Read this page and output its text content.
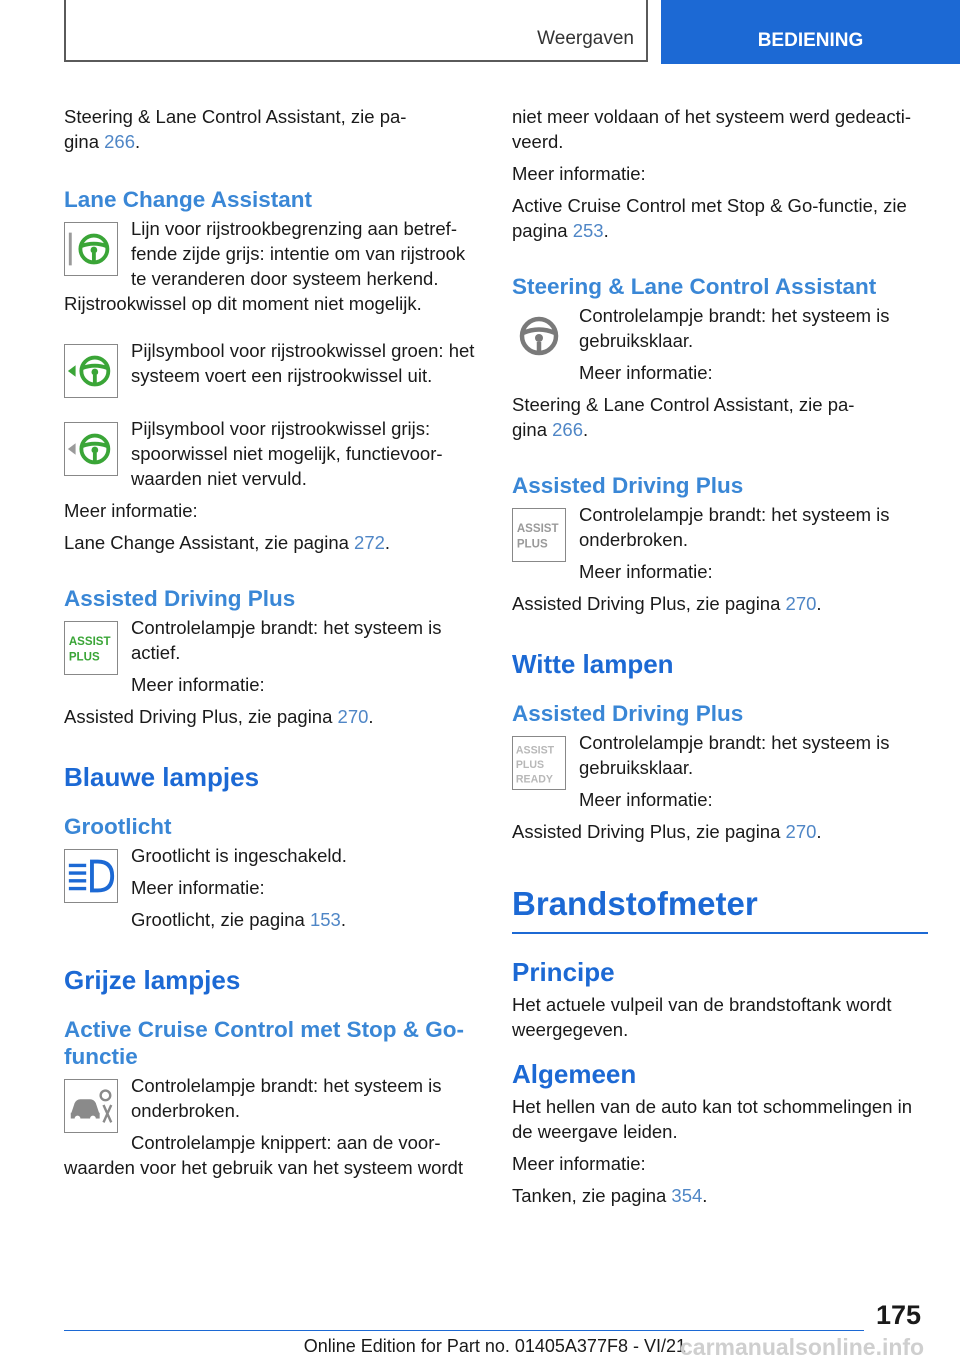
Weergaven	BEDIENING

Steering & Lane Control Assistant, zie pa-gina 266.

Lane Change Assistant

Lijn voor rijstrookbegrenzing aan betref-fende zijde grijs: intentie om van rijstrook te veranderen door systeem herkend. Rijstrookwissel op dit moment niet mogelijk.

Pijlsymbool voor rijstrookwissel groen: het systeem voert een rijstrookwissel uit.

Pijlsymbool voor rijstrookwissel grijs: spoorwissel niet mogelijk, functievoor-waarden niet vervuld.

Meer informatie:

Lane Change Assistant, zie pagina 272.

Assisted Driving Plus
ASSIST
PLUS

Controlelampje brandt: het systeem is actief.

Meer informatie:

Assisted Driving Plus, zie pagina 270.

Blauwe lampjes
Grootlicht

Grootlicht is ingeschakeld.

Meer informatie:

Grootlicht, zie pagina 153.

Grijze lampjes
Active Cruise Control met Stop & Go-functie

Controlelampje brandt: het systeem is onderbroken.

Controlelampje knippert: aan de voor-waarden voor het gebruik van het systeem wordt

niet meer voldaan of het systeem werd gedeacti-veerd.

Meer informatie:

Active Cruise Control met Stop & Go-functie, zie pagina 253.

Steering & Lane Control Assistant

Controlelampje brandt: het systeem is gebruiksklaar.

Meer informatie:

Steering & Lane Control Assistant, zie pa-gina 266.

Assisted Driving Plus
ASSIST
PLUS

Controlelampje brandt: het systeem is onderbroken.

Meer informatie:

Assisted Driving Plus, zie pagina 270.

Witte lampen
Assisted Driving Plus
ASSIST
PLUS
READY

Controlelampje brandt: het systeem is gebruiksklaar.

Meer informatie:

Assisted Driving Plus, zie pagina 270.

Brandstofmeter
Principe

Het actuele vulpeil van de brandstoftank wordt weergegeven.

Algemeen

Het hellen van de auto kan tot schommelingen in de weergave leiden.

Meer informatie:

Tanken, zie pagina 354.

175
Online Edition for Part no. 01405A377F8 - VI/21
carmanualsonline.info
